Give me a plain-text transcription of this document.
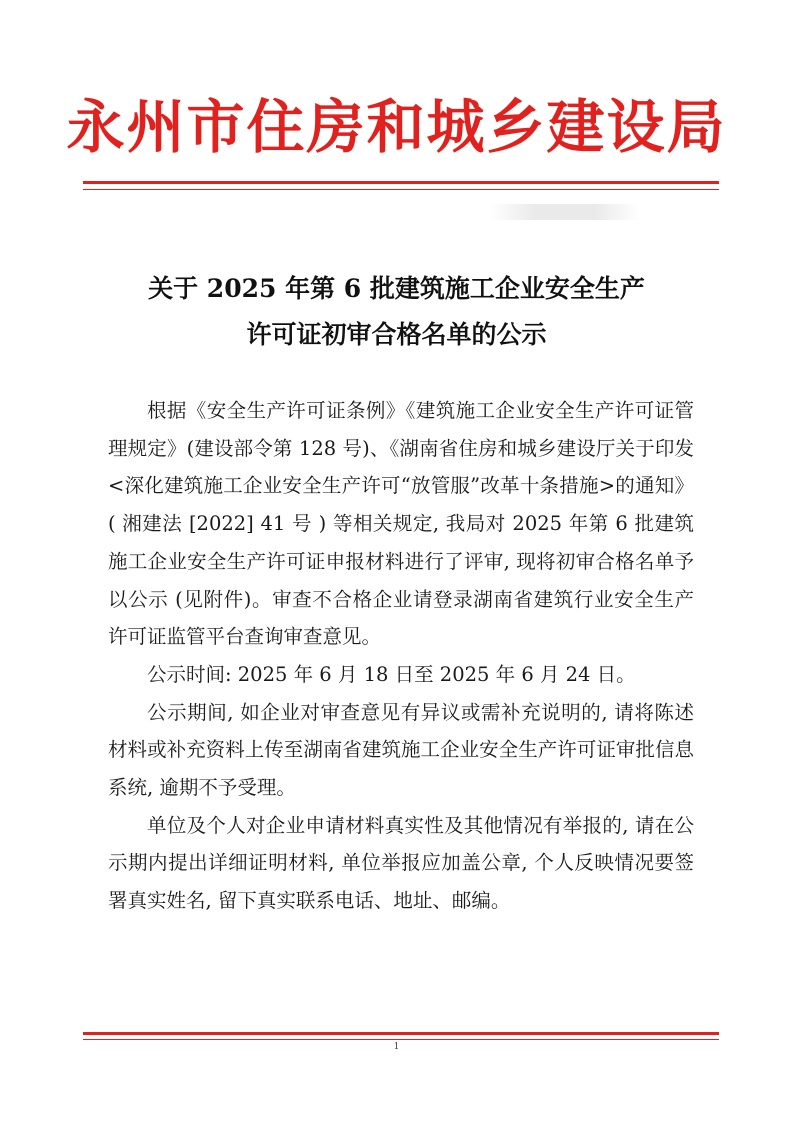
永州市住房和城乡建设局
关于 2025 年第 6 批建筑施工企业安全生产
许可证初审合格名单的公示

根据《安全生产许可证条例》《建筑施工企业安全生产许可证管理规定》(建设部令第 128 号)、《湖南省住房和城乡建设厅关于印发<深化建筑施工企业安全生产许可“放管服”改革十条措施>的通知》( 湘建法 [2022] 41 号 ) 等相关规定, 我局对 2025 年第 6 批建筑施工企业安全生产许可证申报材料进行了评审, 现将初审合格名单予以公示 (见附件)。审查不合格企业请登录湖南省建筑行业安全生产许可证监管平台查询审查意见。

公示时间: 2025 年 6 月 18 日至 2025 年 6 月 24 日。

公示期间, 如企业对审查意见有异议或需补充说明的, 请将陈述材料或补充资料上传至湖南省建筑施工企业安全生产许可证审批信息系统, 逾期不予受理。

单位及个人对企业申请材料真实性及其他情况有举报的, 请在公示期内提出详细证明材料, 单位举报应加盖公章, 个人反映情况要签署真实姓名, 留下真实联系电话、地址、邮编。

1
